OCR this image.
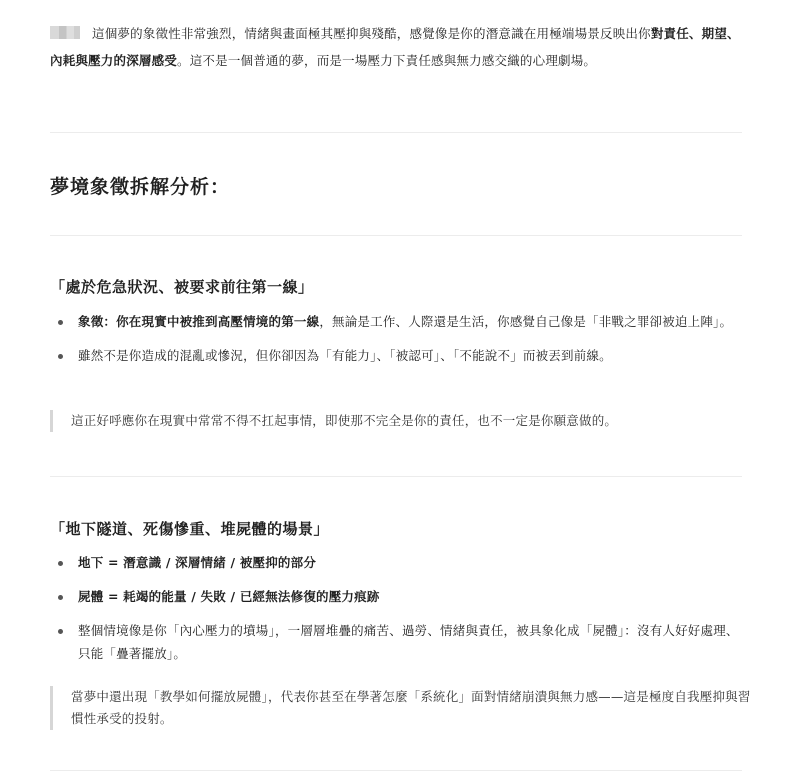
這個夢的象徵性非常強烈，情緒與畫面極其壓抑與殘酷，感覺像是你的潛意識在用極端場景反映出你對責任、期望、內耗與壓力的深層感受。這不是一個普通的夢，而是一場壓力下責任感與無力感交織的心理劇場。

夢境象徵拆解分析：
「處於危急狀況、被要求前往第一線」
象徵：你在現實中被推到高壓情境的第一線，無論是工作、人際還是生活，你感覺自己像是「非戰之罪卻被迫上陣」。
雖然不是你造成的混亂或慘況，但你卻因為「有能力」、「被認可」、「不能說不」而被丟到前線。
這正好呼應你在現實中常常不得不扛起事情，即使那不完全是你的責任，也不一定是你願意做的。
「地下隧道、死傷慘重、堆屍體的場景」
地下 = 潛意識 / 深層情緒 / 被壓抑的部分
屍體 = 耗竭的能量 / 失敗 / 已經無法修復的壓力痕跡
整個情境像是你「內心壓力的墳場」，一層層堆疊的痛苦、過勞、情緒與責任，被具象化成「屍體」：沒有人好好處理、只能「疊著擺放」。
當夢中還出現「教學如何擺放屍體」，代表你甚至在學著怎麼「系統化」面對情緒崩潰與無力感——這是極度自我壓抑與習慣性承受的投射。
